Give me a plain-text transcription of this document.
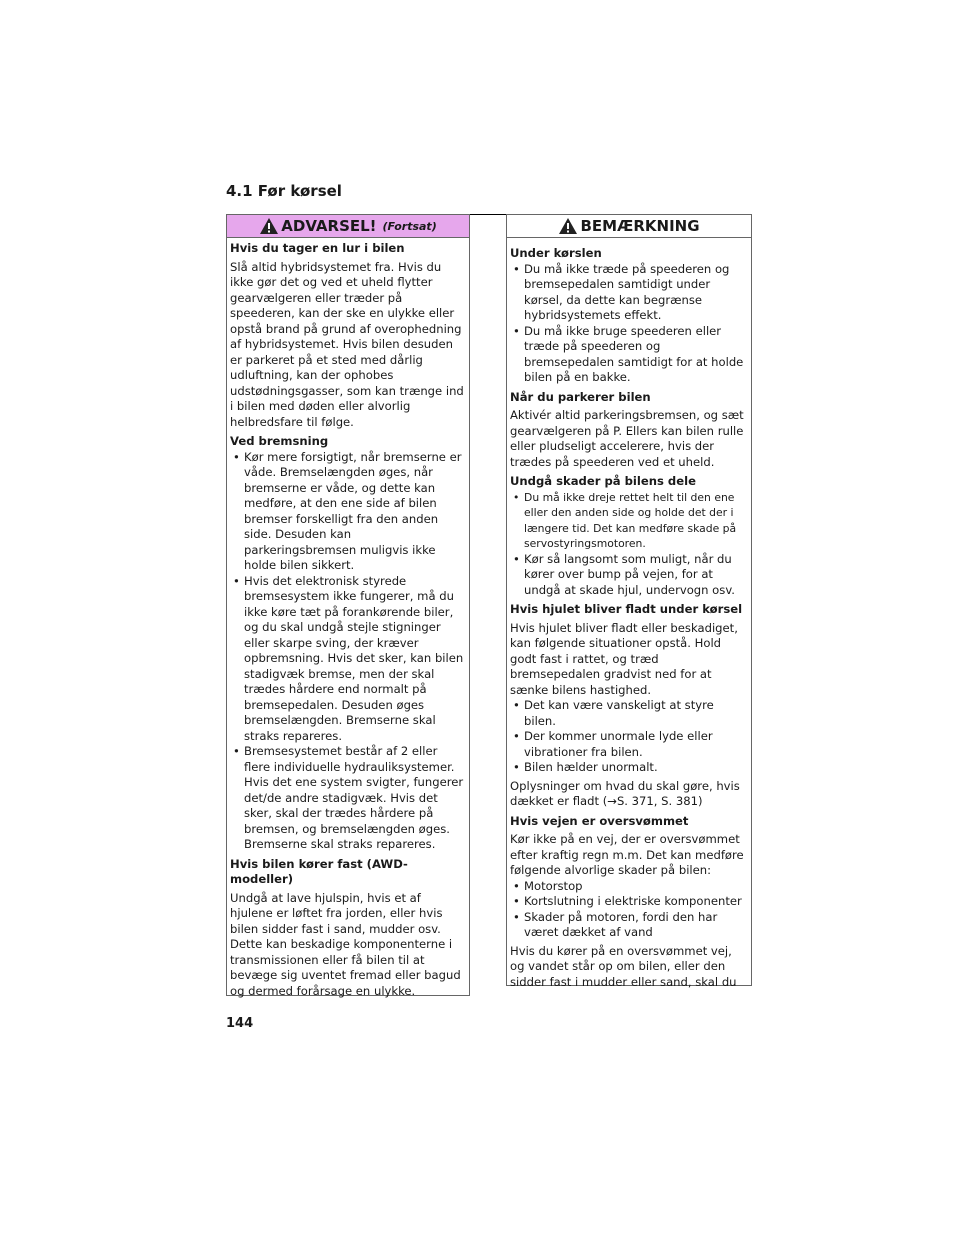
4.1 Før kørsel
ADVARSEL! (Fortsat)
Hvis du tager en lur i bilen
Slå altid hybridsystemet fra. Hvis du ikke gør det og ved et uheld flytter gearvælgeren eller træder på speederen, kan der ske en ulykke eller opstå brand på grund af overophedning af hybridsystemet. Hvis bilen desuden er parkeret på et sted med dårlig udluftning, kan der ophobes udstødningsgasser, som kan trænge ind i bilen med døden eller alvorlig helbredsfare til følge.
Ved bremsning
• Kør mere forsigtigt, når bremserne er våde. Bremselængden øges, når bremserne er våde, og dette kan medføre, at den ene side af bilen bremser forskelligt fra den anden side. Desuden kan parkeringsbremsen muligvis ikke holde bilen sikkert.
• Hvis det elektronisk styrede bremsesystem ikke fungerer, må du ikke køre tæt på forankørende biler, og du skal undgå stejle stigninger eller skarpe sving, der kræver opbremsning. Hvis det sker, kan bilen stadigvæk bremse, men der skal trædes hårdere end normalt på bremsepedalen. Desuden øges bremselængden. Bremserne skal straks repareres.
• Bremsesystemet består af 2 eller flere individuelle hydrauliksystemer. Hvis det ene system svigter, fungerer det/de andre stadigvæk. Hvis det sker, skal der trædes hårdere på bremsen, og bremselængden øges. Bremserne skal straks repareres.
Hvis bilen kører fast (AWD-modeller)
Undgå at lave hjulspin, hvis et af hjulene er løftet fra jorden, eller hvis bilen sidder fast i sand, mudder osv. Dette kan beskadige komponenterne i transmissionen eller få bilen til at bevæge sig uventet fremad eller bagud og dermed forårsage en ulykke.
BEMÆRKNING
Under kørslen
• Du må ikke træde på speederen og bremsepedalen samtidigt under kørsel, da dette kan begrænse hybridsystemets effekt.
• Du må ikke bruge speederen eller træde på speederen og bremsepedalen samtidigt for at holde bilen på en bakke.
Når du parkerer bilen
Aktivér altid parkeringsbremsen, og sæt gearvælgeren på P. Ellers kan bilen rulle eller pludseligt accelerere, hvis der trædes på speederen ved et uheld.
Undgå skader på bilens dele
• Du må ikke dreje rettet helt til den ene eller den anden side og holde det der i længere tid. Det kan medføre skade på servostyringsmotoren.
• Kør så langsomt som muligt, når du kører over bump på vejen, for at undgå at skade hjul, undervogn osv.
Hvis hjulet bliver fladt under kørsel
Hvis hjulet bliver fladt eller beskadiget, kan følgende situationer opstå. Hold godt fast i rattet, og træd bremsepedalen gradvist ned for at sænke bilens hastighed.
• Det kan være vanskeligt at styre bilen.
• Der kommer unormale lyde eller vibrationer fra bilen.
• Bilen hælder unormalt.
Oplysninger om hvad du skal gøre, hvis dækket er fladt (→S. 371, S. 381)
Hvis vejen er oversvømmet
Kør ikke på en vej, der er oversvømmet efter kraftig regn m.m. Det kan medføre følgende alvorlige skader på bilen:
• Motorstop
• Kortslutning i elektriske komponenter
• Skader på motoren, fordi den har været dækket af vand
Hvis du kører på en oversvømmet vej, og vandet står op om bilen, eller den sidder fast i mudder eller sand, skal du
144
